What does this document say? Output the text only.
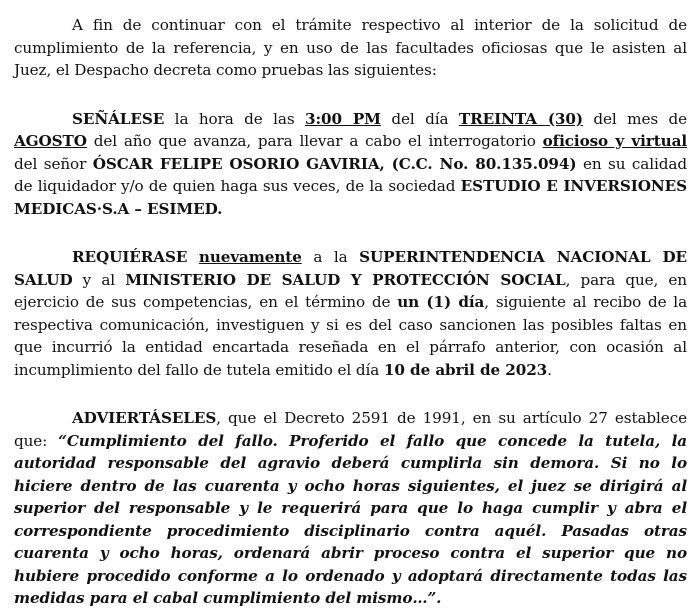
A fin de continuar con el trámite respectivo al interior de la solicitud de cumplimiento de la referencia, y en uso de las facultades oficiosas que le asisten al Juez, el Despacho decreta como pruebas las siguientes:

SEÑÁLESE la hora de las 3:00 PM del día TREINTA (30) del mes de AGOSTO del año que avanza, para llevar a cabo el interrogatorio oficioso y virtual del señor ÓSCAR FELIPE OSORIO GAVIRIA, (C.C. No. 80.135.094) en su calidad de liquidador y/o de quien haga sus veces, de la sociedad ESTUDIO E INVERSIONES MEDICAS·S.A – ESIMED.

REQUIÉRASE nuevamente a la SUPERINTENDENCIA NACIONAL DE SALUD y al MINISTERIO DE SALUD Y PROTECCIÓN SOCIAL, para que, en ejercicio de sus competencias, en el término de un (1) día, siguiente al recibo de la respectiva comunicación, investiguen y si es del caso sancionen las posibles faltas en que incurrió la entidad encartada reseñada en el párrafo anterior, con ocasión al incumplimiento del fallo de tutela emitido el día 10 de abril de 2023.

ADVIERTÁSELES, que el Decreto 2591 de 1991, en su artículo 27 establece que: “Cumplimiento del fallo. Proferido el fallo que concede la tutela, la autoridad responsable del agravio deberá cumplirla sin demora. Si no lo hiciere dentro de las cuarenta y ocho horas siguientes, el juez se dirigirá al superior del responsable y le requerirá para que lo haga cumplir y abra el correspondiente procedimiento disciplinario contra aquél. Pasadas otras cuarenta y ocho horas, ordenará abrir proceso contra el superior que no hubiere procedido conforme a lo ordenado y adoptará directamente todas las medidas para el cabal cumplimiento del mismo…”.
